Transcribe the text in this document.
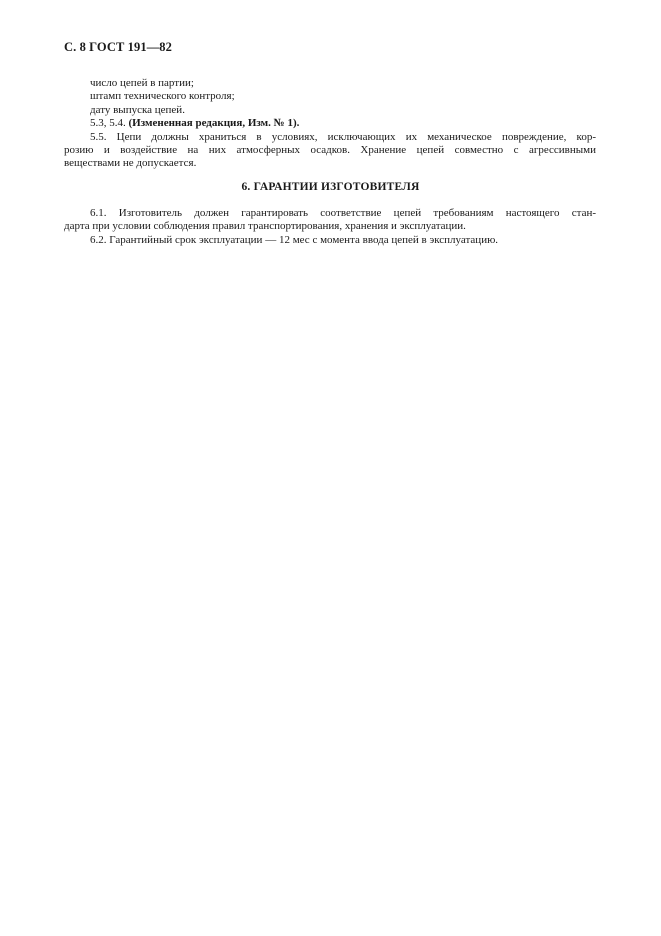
С. 8 ГОСТ 191—82
число цепей в партии;
штамп технического контроля;
дату выпуска цепей.
5.3, 5.4. (Измененная редакция, Изм. № 1).
5.5. Цепи должны храниться в условиях, исключающих их механическое повреждение, кор-
розию и воздействие на них атмосферных осадков. Хранение цепей совместно с агрессивными
веществами не допускается.
6. ГАРАНТИИ ИЗГОТОВИТЕЛЯ
6.1. Изготовитель должен гарантировать соответствие цепей требованиям настоящего стан-
дарта при условии соблюдения правил транспортирования, хранения и эксплуатации.
6.2. Гарантийный срок эксплуатации — 12 мес с момента ввода цепей в эксплуатацию.
